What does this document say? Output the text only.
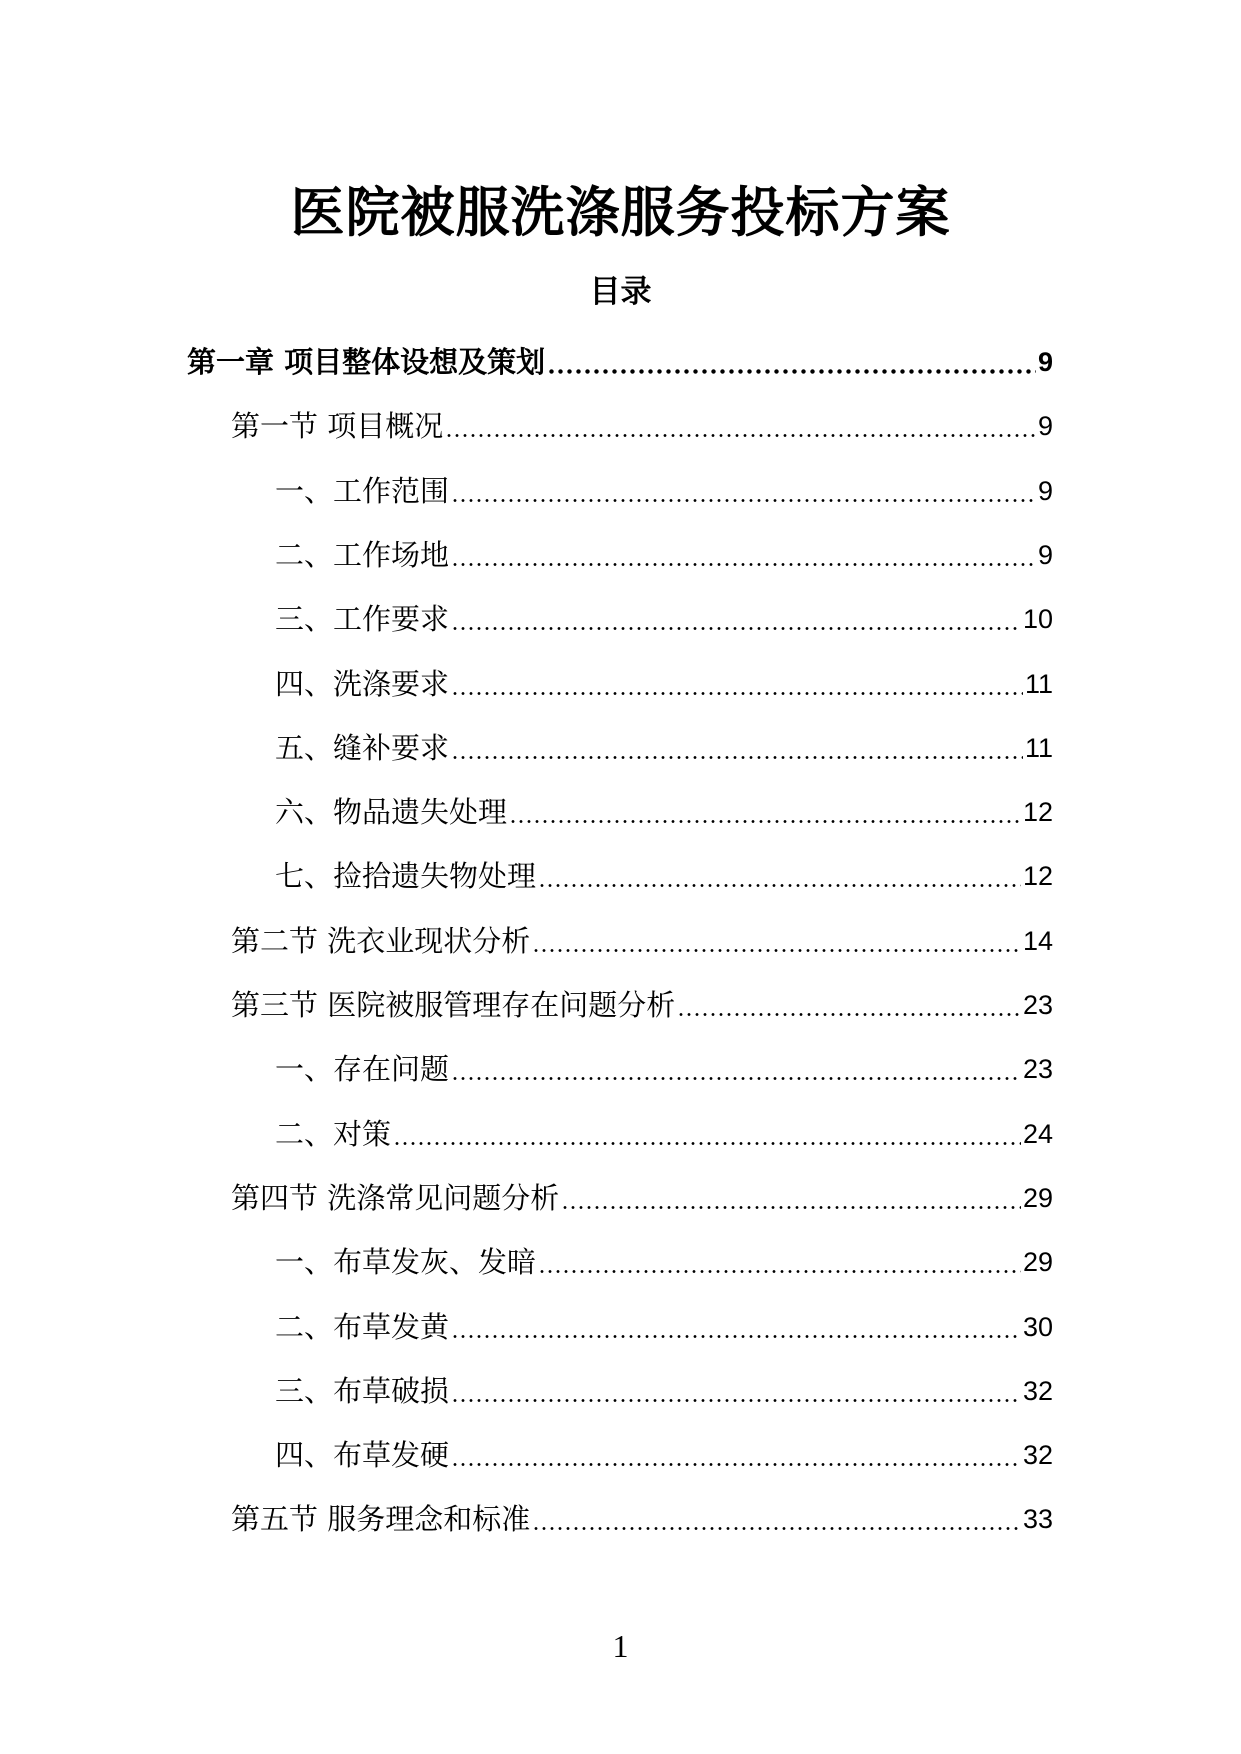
医院被服洗涤服务投标方案
目录
第一章 项目整体设想及策划	9
第一节 项目概况	9
一、工作范围	9
二、工作场地	9
三、工作要求	10
四、洗涤要求	11
五、缝补要求	11
六、物品遗失处理	12
七、捡拾遗失物处理	12
第二节 洗衣业现状分析	14
第三节 医院被服管理存在问题分析	23
一、存在问题	23
二、对策	24
第四节 洗涤常见问题分析	29
一、布草发灰、发暗	29
二、布草发黄	30
三、布草破损	32
四、布草发硬	32
第五节 服务理念和标准	33
1
